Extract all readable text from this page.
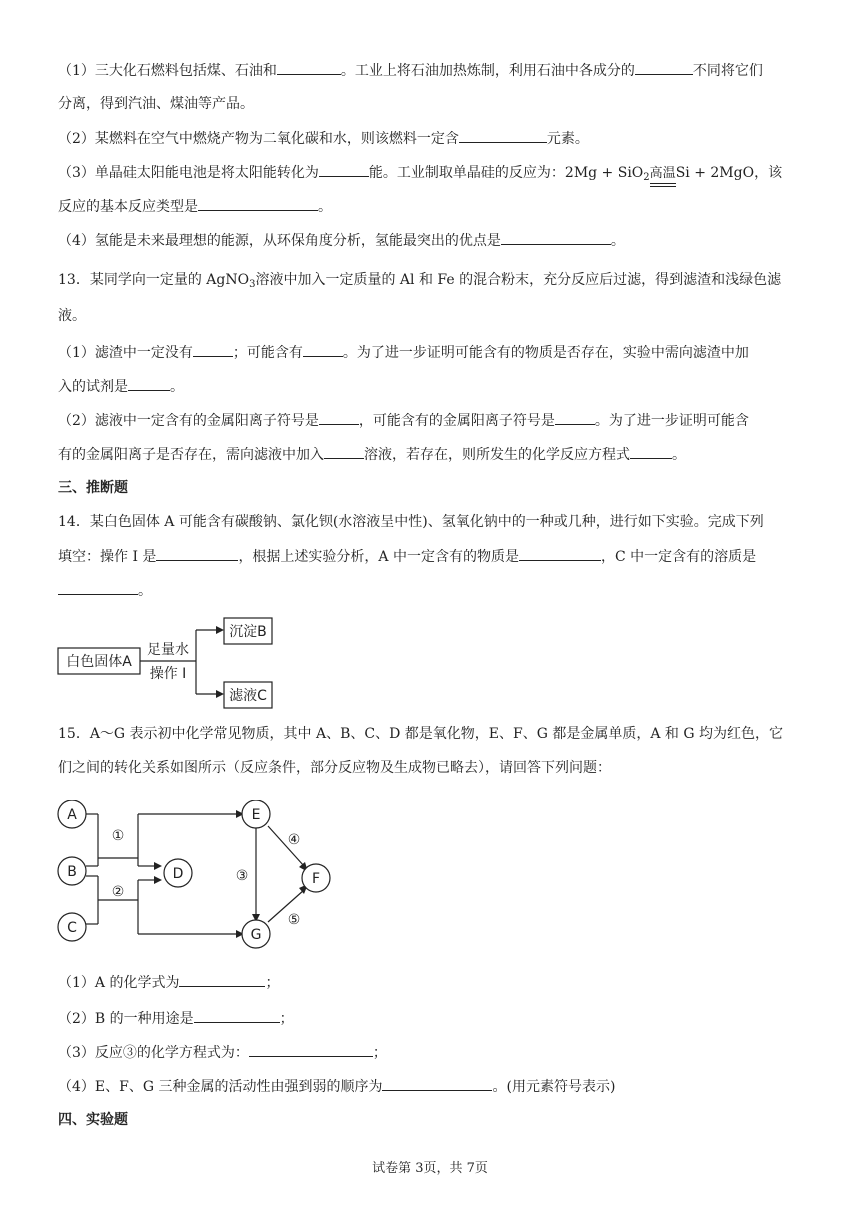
（1）三大化石燃料包括煤、石油和	。工业上将石油加热炼制，利用石油中各成分的	不同将它们
分离，得到汽油、煤油等产品。
（2）某燃料在空气中燃烧产物为二氧化碳和水，则该燃料一定含	元素。
（3）单晶硅太阳能电池是将太阳能转化为	能。工业制取单晶硅的反应为：2Mg + SiO$_2$高温
Si + 2MgO，该
反应的基本反应类型是	。
（4）氢能是未来最理想的能源，从环保角度分析，氢能最突出的优点是	。
13．某同学向一定量的 AgNO$_3$溶液中加入一定质量的 Al 和 Fe 的混合粉末，充分反应后过滤，得到滤渣和浅绿色滤
液。
（1）滤渣中一定没有	；可能含有	。为了进一步证明可能含有的物质是否存在，实验中需向滤渣中加
入的试剂是	。
（2）滤液中一定含有的金属阳离子符号是	，可能含有的金属阳离子符号是	。为了进一步证明可能含
有的金属阳离子是否存在，需向滤液中加入	溶液，若存在，则所发生的化学反应方程式	。
三、推断题
14．某白色固体 A 可能含有碳酸钠、氯化钡(水溶液呈中性)、氢氧化钠中的一种或几种，进行如下实验。完成下列
填空：操作 I 是	，根据上述实验分析，A 中一定含有的物质是	，C 中一定含有的溶质是
。
白色固体A
足量水
操作 I
沉淀B
滤液C
15．A～G 表示初中化学常见物质，其中 A、B、C、D 都是氧化物，E、F、G 都是金属单质，A 和 G 均为红色，它
们之间的转化关系如图所示（反应条件，部分反应物及生成物已略去），请回答下列问题：
A
B
C
D
E
F
G
①
②
③
④
⑤
（1）A 的化学式为	；
（2）B 的一种用途是	；
（3）反应③的化学方程式为：	；
（4）E、F、G 三种金属的活动性由强到弱的顺序为	。(用元素符号表示)
四、实验题
试卷第 3页，共 7页
